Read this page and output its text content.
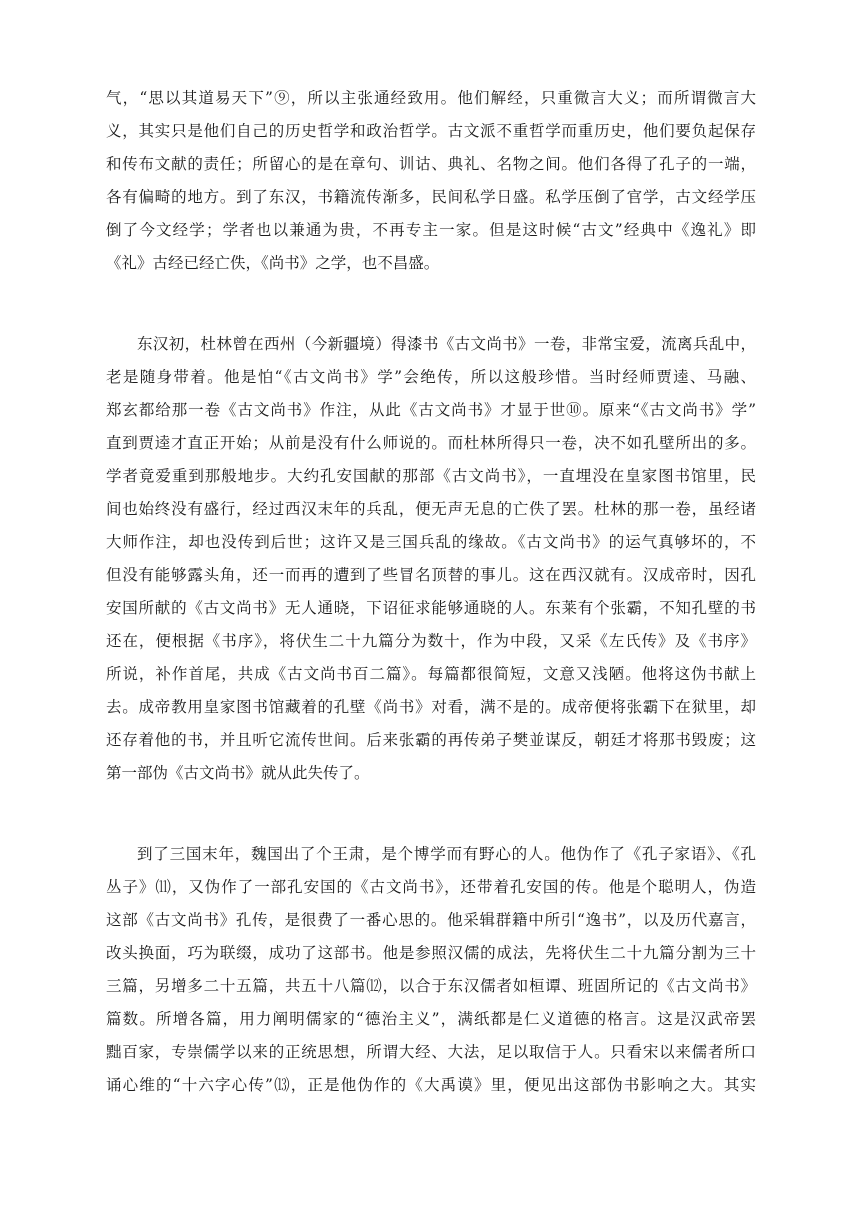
气，“思以其道易天下”⑨，所以主张通经致用。他们解经，只重微言大义；而所谓微言大
义，其实只是他们自己的历史哲学和政治哲学。古文派不重哲学而重历史，他们要负起保存
和传布文献的责任；所留心的是在章句、训诂、典礼、名物之间。他们各得了孔子的一端，
各有偏畸的地方。到了东汉，书籍流传渐多，民间私学日盛。私学压倒了官学，古文经学压
倒了今文经学；学者也以兼通为贵，不再专主一家。但是这时候“古文”经典中《逸礼》即
《礼》古经已经亡佚，《尚书》之学，也不昌盛。
东汉初，杜林曾在西州（今新疆境）得漆书《古文尚书》一卷，非常宝爱，流离兵乱中，
老是随身带着。他是怕“《古文尚书》学”会绝传，所以这般珍惜。当时经师贾逵、马融、
郑玄都给那一卷《古文尚书》作注，从此《古文尚书》才显于世⑩。原来“《古文尚书》学”
直到贾逵才直正开始；从前是没有什么师说的。而杜林所得只一卷，决不如孔壁所出的多。
学者竟爱重到那般地步。大约孔安国献的那部《古文尚书》，一直埋没在皇家图书馆里，民
间也始终没有盛行，经过西汉末年的兵乱，便无声无息的亡佚了罢。杜林的那一卷，虽经诸
大师作注，却也没传到后世；这许又是三国兵乱的缘故。《古文尚书》的运气真够坏的，不
但没有能够露头角，还一而再的遭到了些冒名顶替的事儿。这在西汉就有。汉成帝时，因孔
安国所献的《古文尚书》无人通晓，下诏征求能够通晓的人。东莱有个张霸，不知孔壁的书
还在，便根据《书序》，将伏生二十九篇分为数十，作为中段，又采《左氏传》及《书序》
所说，补作首尾，共成《古文尚书百二篇》。每篇都很简短，文意又浅陋。他将这伪书献上
去。成帝教用皇家图书馆藏着的孔壁《尚书》对看，满不是的。成帝便将张霸下在狱里，却
还存着他的书，并且听它流传世间。后来张霸的再传弟子樊並谋反，朝廷才将那书毁废；这
第一部伪《古文尚书》就从此失传了。
到了三国末年，魏国出了个王肃，是个博学而有野心的人。他伪作了《孔子家语》、《孔
丛子》⑾，又伪作了一部孔安国的《古文尚书》，还带着孔安国的传。他是个聪明人，伪造
这部《古文尚书》孔传，是很费了一番心思的。他采辑群籍中所引“逸书”，以及历代嘉言，
改头换面，巧为联缀，成功了这部书。他是参照汉儒的成法，先将伏生二十九篇分割为三十
三篇，另增多二十五篇，共五十八篇⑿，以合于东汉儒者如桓谭、班固所记的《古文尚书》
篇数。所增各篇，用力阐明儒家的“德治主义”，满纸都是仁义道德的格言。这是汉武帝罢
黜百家，专崇儒学以来的正统思想，所谓大经、大法，足以取信于人。只看宋以来儒者所口
诵心维的“十六字心传”⒀，正是他伪作的《大禹谟》里，便见出这部伪书影响之大。其实
